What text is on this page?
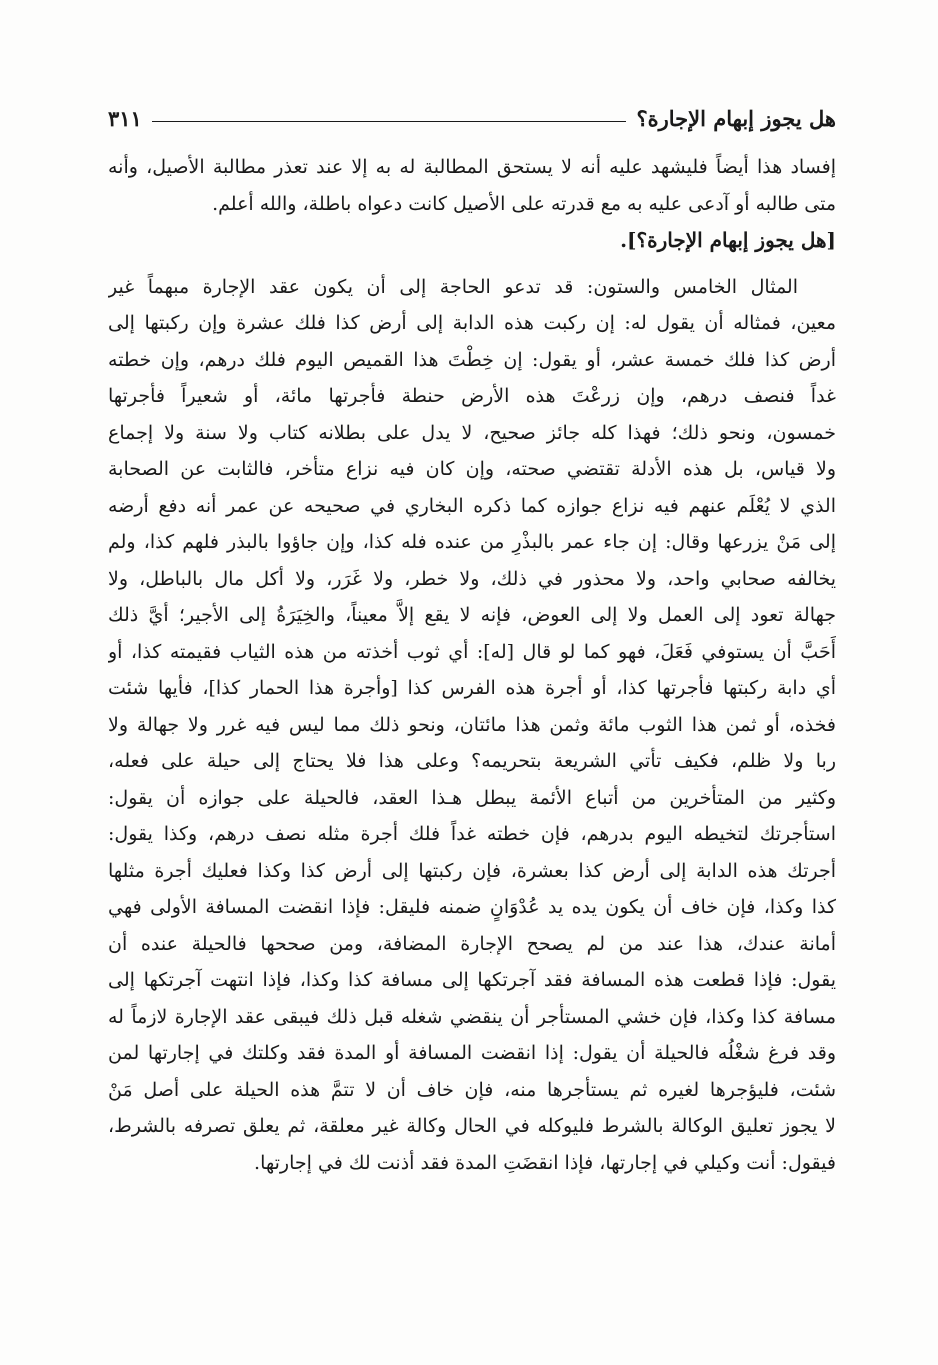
هل يجوز إبهام الإجارة؟
٣١١
إفساد هذا أيضاً فليشهد عليه أنه لا يستحق المطالبة له به إلا عند تعذر مطالبة الأصيل، وأنه
متى طالبه أو آدعى عليه به مع قدرته على الأصيل كانت دعواه باطلة، والله أعلم.
[هل يجوز إبهام الإجارة؟].
المثال الخامس والستون: قد تدعو الحاجة إلى أن يكون عقد الإجارة مبهماً غير
معين، فمثاله أن يقول له: إن ركبت هذه الدابة إلى أرض كذا فلك عشرة وإن ركبتها إلى
أرض كذا فلك خمسة عشر، أو يقول: إن خِطْتَ هذا القميص اليوم فلك درهم، وإن خطته
غداً فنصف درهم، وإن زرعْتَ هذه الأرض حنطة فأجرتها مائة، أو شعيراً فأجرتها
خمسون، ونحو ذلك؛ فهذا كله جائز صحيح، لا يدل على بطلانه كتاب ولا سنة ولا إجماع
ولا قياس، بل هذه الأدلة تقتضي صحته، وإن كان فيه نزاع متأخر، فالثابت عن الصحابة
الذي لا يُعْلَم عنهم فيه نزاع جوازه كما ذكره البخاري في صحيحه عن عمر أنه دفع أرضه
إلى مَنْ يزرعها وقال: إن جاء عمر بالبذْرِ من عنده فله كذا، وإن جاؤوا بالبذر فلهم كذا، ولم
يخالفه صحابي واحد، ولا محذور في ذلك، ولا خطر، ولا غَرَر، ولا أكل مال بالباطل، ولا
جهالة تعود إلى العمل ولا إلى العوض، فإنه لا يقع إلاَّ معيناً، والخِيَرَةُ إلى الأجير؛ أيَّ ذلك
أَحَبَّ أن يستوفي فَعَلَ، فهو كما لو قال [له]: أي ثوب أخذته من هذه الثياب فقيمته كذا، أو
أي دابة ركبتها فأجرتها كذا، أو أجرة هذه الفرس كذا [وأجرة هذا الحمار كذا]، فأيها شئت
فخذه، أو ثمن هذا الثوب مائة وثمن هذا مائتان، ونحو ذلك مما ليس فيه غرر ولا جهالة ولا
ربا ولا ظلم، فكيف تأتي الشريعة بتحريمه؟ وعلى هذا فلا يحتاج إلى حيلة على فعله،
وكثير من المتأخرين من أتباع الأئمة يبطل هـذا العقد، فالحيلة على جوازه أن يقول:
استأجرتك لتخيطه اليوم بدرهم، فإن خطته غداً فلك أجرة مثله نصف درهم، وكذا يقول:
أجرتك هذه الدابة إلى أرض كذا بعشرة، فإن ركبتها إلى أرض كذا وكذا فعليك أجرة مثلها
كذا وكذا، فإن خاف أن يكون يده يد عُدْوَانٍ ضمنه فليقل: فإذا انقضت المسافة الأولى فهي
أمانة عندك، هذا عند من لم يصحح الإجارة المضافة، ومن صححها فالحيلة عنده أن
يقول: فإذا قطعت هذه المسافة فقد آجرتكها إلى مسافة كذا وكذا، فإذا انتهت آجرتكها إلى
مسافة كذا وكذا، فإن خشي المستأجر أن ينقضي شغله قبل ذلك فيبقى عقد الإجارة لازماً له
وقد فرغ شغْلُه فالحيلة أن يقول: إذا انقضت المسافة أو المدة فقد وكلتك في إجارتها لمن
شئت، فليؤجرها لغيره ثم يستأجرها منه، فإن خاف أن لا تتمَّ هذه الحيلة على أصل مَنْ
لا يجوز تعليق الوكالة بالشرط فليوكله في الحال وكالة غير معلقة، ثم يعلق تصرفه بالشرط،
فيقول: أنت وكيلي في إجارتها، فإذا انقضَتِ المدة فقد أذنت لك في إجارتها.
